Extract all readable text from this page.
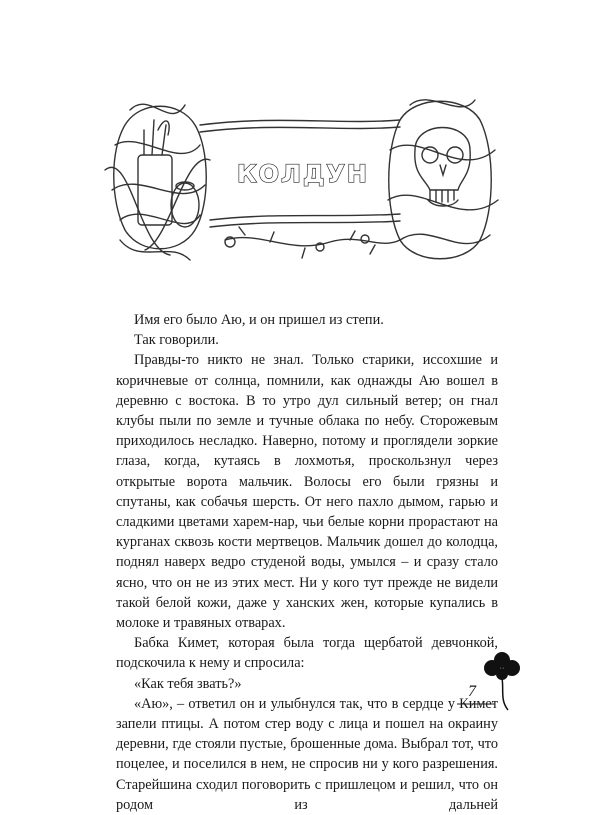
КОЛДУН

Имя его было Аю, и он пришел из степи.

Так говорили.

Правды-то никто не знал. Только старики, иссохшие и коричневые от солнца, помнили, как однажды Аю вошел в деревню с востока. В то утро дул сильный ветер; он гнал клубы пыли по земле и тучные облака по небу. Сторожевым приходилось несладко. Наверно, потому и проглядели зоркие глаза, когда, кутаясь в лохмотья, проскользнул через открытые ворота мальчик. Волосы его были грязны и спутаны, как собачья шерсть. От него пахло дымом, гарью и сладкими цветами харем-нар, чьи белые корни прорастают на курганах сквозь кости мертвецов. Мальчик дошел до колодца, поднял наверх ведро студеной воды, умылся – и сразу стало ясно, что он не из этих мест. Ни у кого тут прежде не видели такой белой кожи, даже у ханских жен, которые купались в молоке и травяных отварах.

Бабка Кимет, которая была тогда щербатой девчонкой, подскочила к нему и спросила:

«Как тебя звать?»

«Аю», – ответил он и улыбнулся так, что в сердце у Кимет запели птицы. А потом стер воду с лица и пошел на окраину деревни, где стояли пустые, брошенные дома. Выбрал тот, что поцелее, и поселился в нем, не спросив ни у кого разрешения. Старейшина сходил поговорить с пришлецом и решил, что он родом из дальней

7
